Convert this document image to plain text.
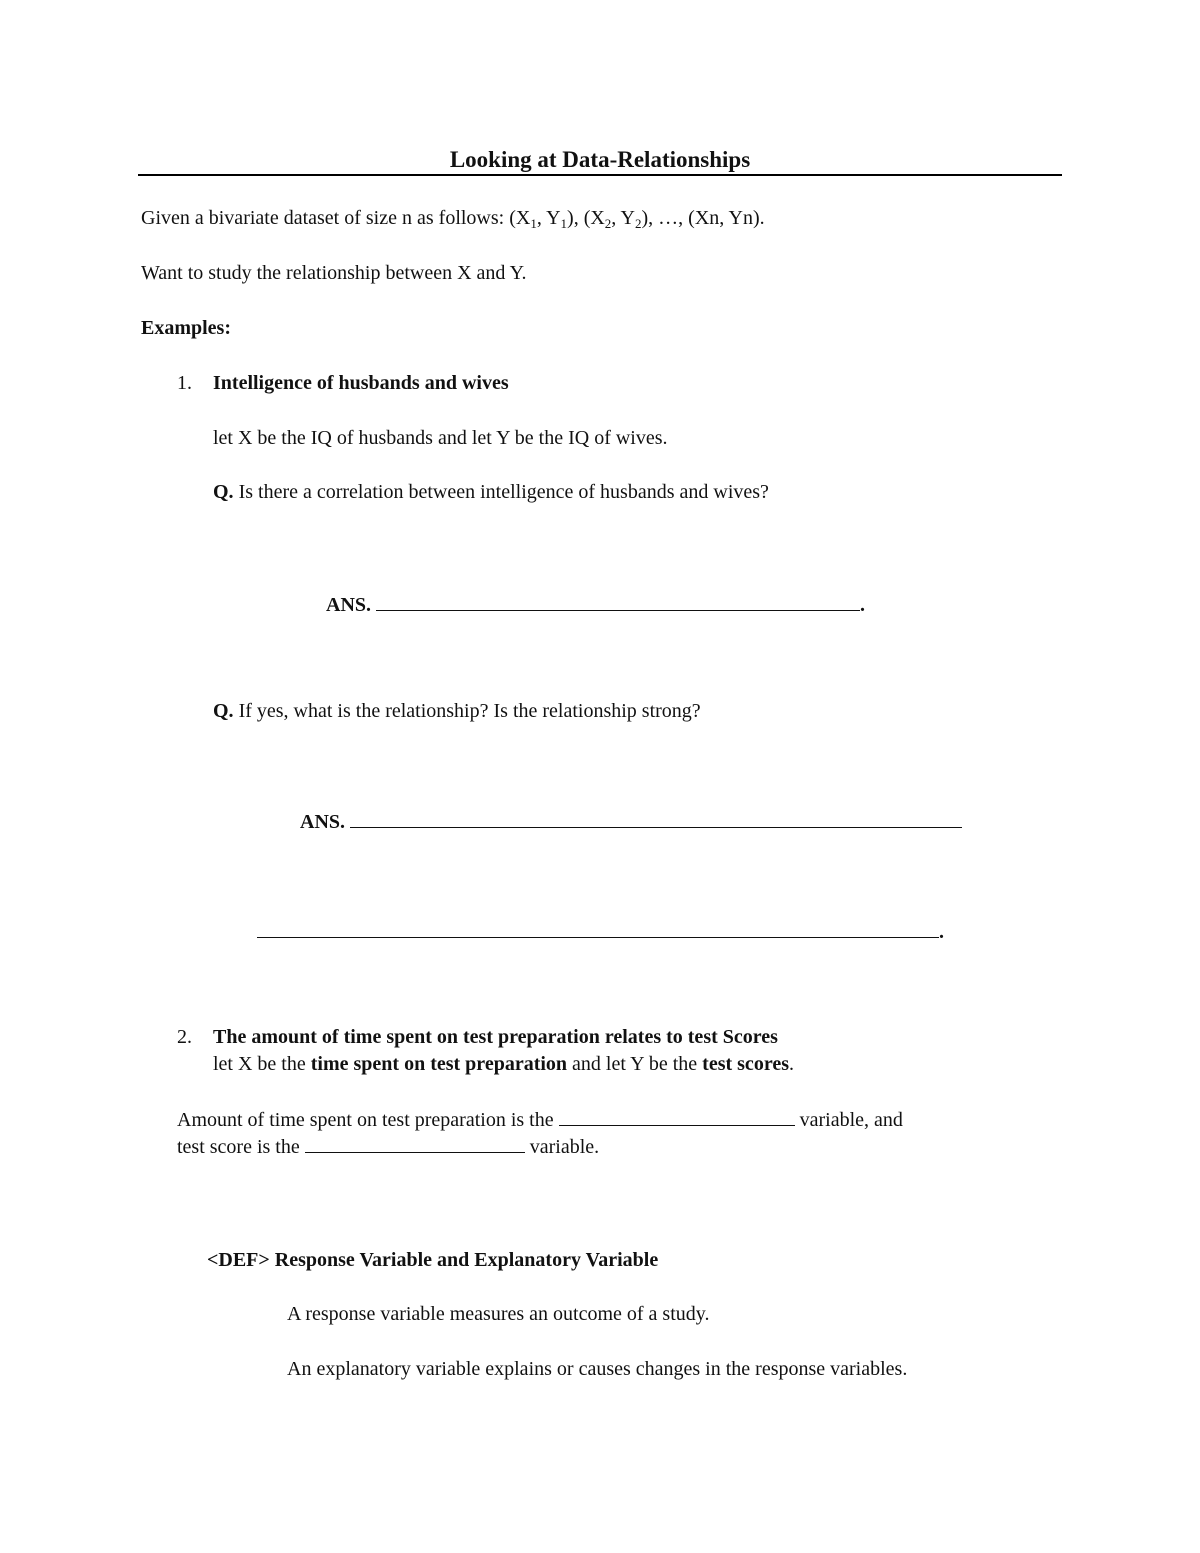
Looking at Data-Relationships
Given a bivariate dataset of size n as follows: ($X_1$, $Y_1$), ($X_2$, $Y_2$), …, (Xn, Yn).
Want to study the relationship between X and Y.
Examples:
1. Intelligence of husbands and wives
let X be the IQ of husbands and let Y be the IQ of wives.
Q. Is there a correlation between intelligence of husbands and wives?
ANS.	.
Q. If yes, what is the relationship? Is the relationship strong?
ANS.
.
2. The amount of time spent on test preparation relates to test Scores
let X be the time spent on test preparation and let Y be the test scores.
Amount of time spent on test preparation is the	variable, and
test score is the	variable.
<DEF> Response Variable and Explanatory Variable
A response variable measures an outcome of a study.
An explanatory variable explains or causes changes in the response variables.
